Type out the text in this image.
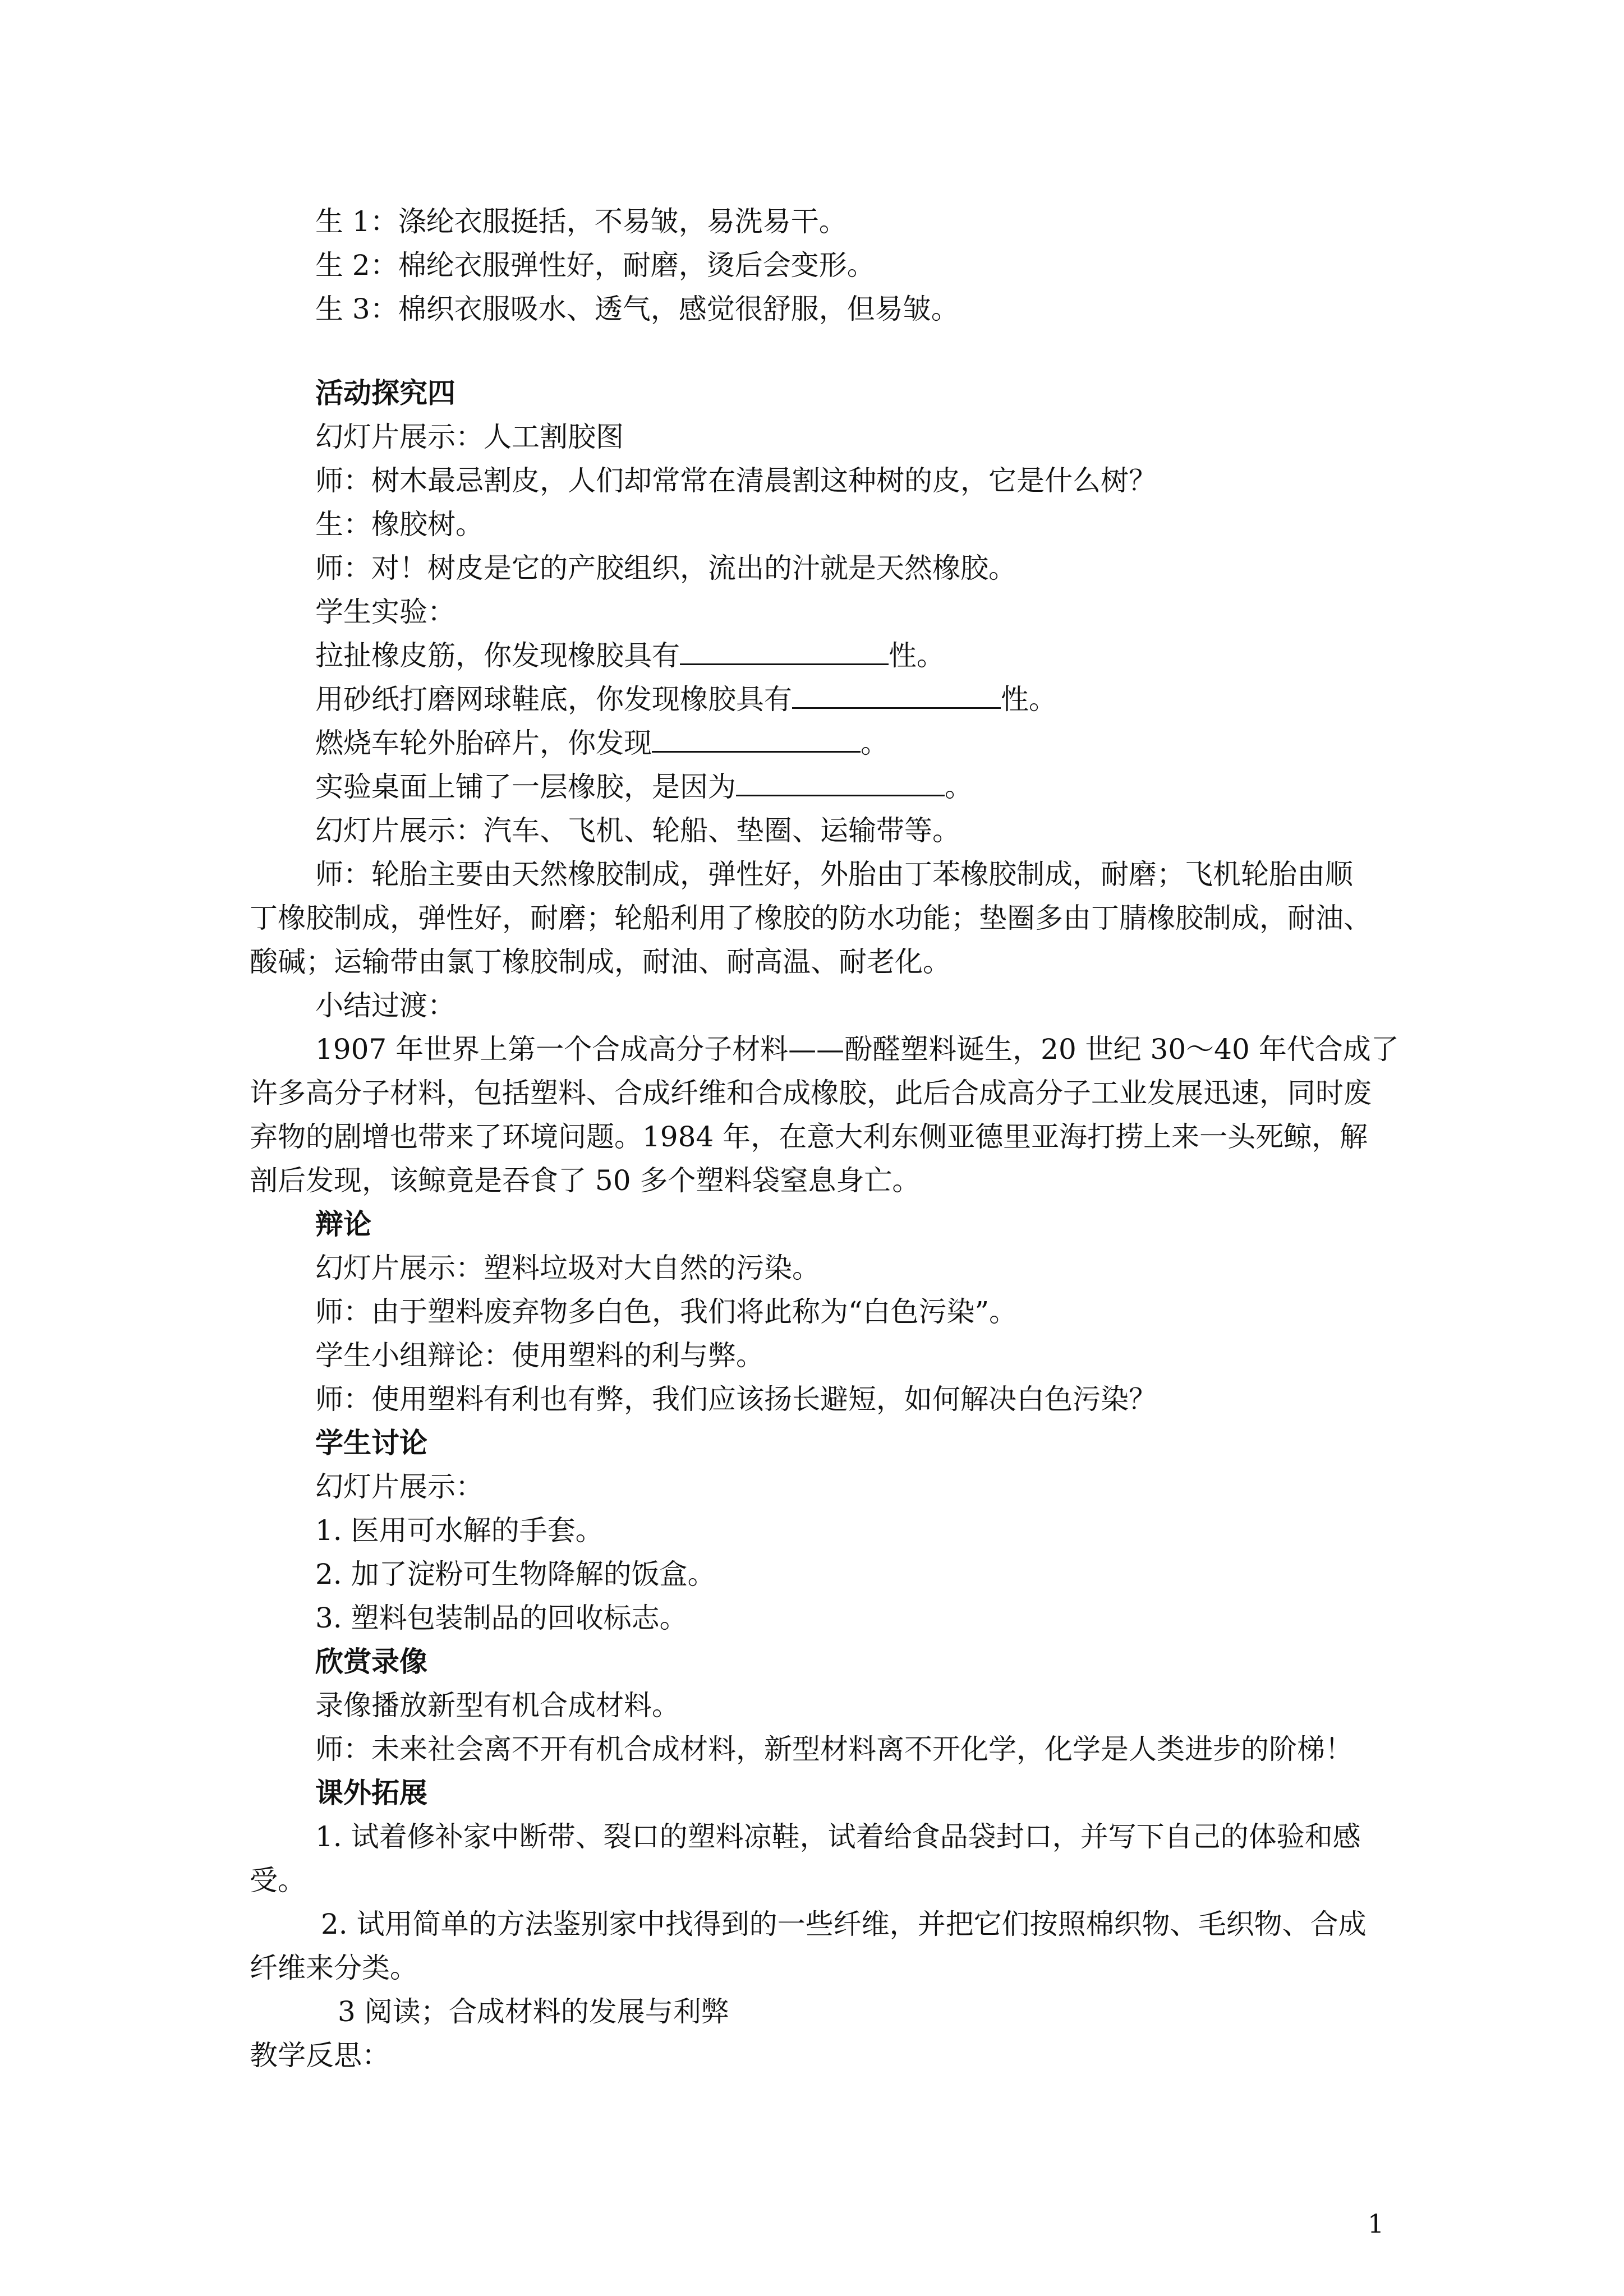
生 1：涤纶衣服挺括，不易皱，易洗易干。
生 2：棉纶衣服弹性好，耐磨，烫后会变形。
生 3：棉织衣服吸水、透气，感觉很舒服，但易皱。
活动探究四
幻灯片展示：人工割胶图
师：树木最忌割皮，人们却常常在清晨割这种树的皮，它是什么树？
生：橡胶树。
师：对！树皮是它的产胶组织，流出的汁就是天然橡胶。
学生实验：
拉扯橡皮筋，你发现橡胶具有	性。
用砂纸打磨网球鞋底，你发现橡胶具有	性。
燃烧车轮外胎碎片，你发现	。
实验桌面上铺了一层橡胶，是因为	。
幻灯片展示：汽车、飞机、轮船、垫圈、运输带等。
师：轮胎主要由天然橡胶制成，弹性好，外胎由丁苯橡胶制成，耐磨；飞机轮胎由顺
丁橡胶制成，弹性好，耐磨；轮船利用了橡胶的防水功能；垫圈多由丁腈橡胶制成，耐油、
酸碱；运输带由氯丁橡胶制成，耐油、耐高温、耐老化。
小结过渡：
1907 年世界上第一个合成高分子材料——酚醛塑料诞生，20 世纪 30～40 年代合成了
许多高分子材料，包括塑料、合成纤维和合成橡胶，此后合成高分子工业发展迅速，同时废
弃物的剧增也带来了环境问题。1984 年，在意大利东侧亚德里亚海打捞上来一头死鲸，解
剖后发现，该鲸竟是吞食了 50 多个塑料袋窒息身亡。
辩论
幻灯片展示：塑料垃圾对大自然的污染。
师：由于塑料废弃物多白色，我们将此称为“白色污染”。
学生小组辩论：使用塑料的利与弊。
师：使用塑料有利也有弊，我们应该扬长避短，如何解决白色污染？
学生讨论
幻灯片展示：
1. 医用可水解的手套。
2. 加了淀粉可生物降解的饭盒。
3. 塑料包装制品的回收标志。
欣赏录像
录像播放新型有机合成材料。
师：未来社会离不开有机合成材料，新型材料离不开化学，化学是人类进步的阶梯！
课外拓展
1. 试着修补家中断带、裂口的塑料凉鞋，试着给食品袋封口，并写下自己的体验和感
受。
2. 试用简单的方法鉴别家中找得到的一些纤维，并把它们按照棉织物、毛织物、合成
纤维来分类。
3 阅读；合成材料的发展与利弊
教学反思：
1
